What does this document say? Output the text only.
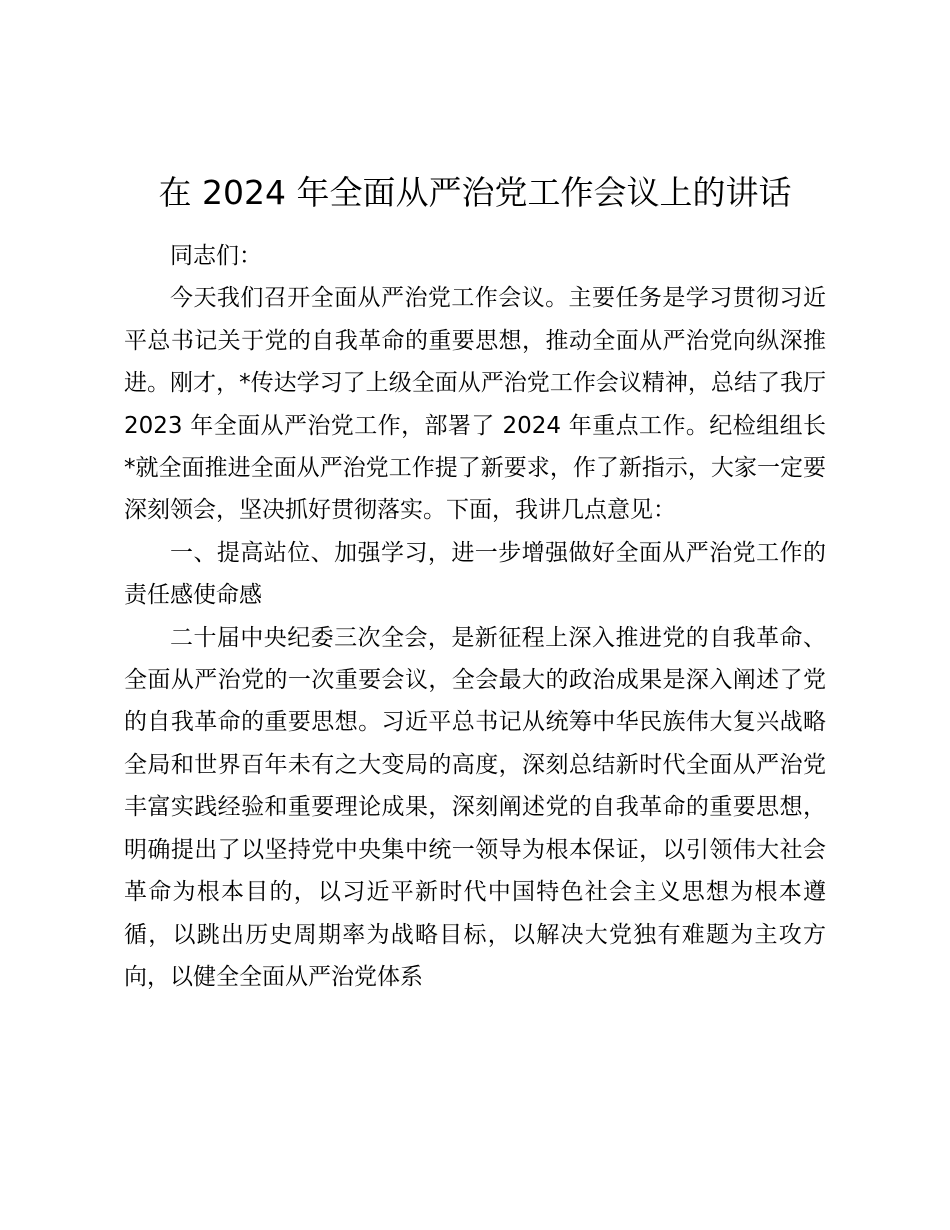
在 2024 年全面从严治党工作会议上的讲话

同志们：

今天我们召开全面从严治党工作会议。主要任务是学习贯彻习近平总书记关于党的自我革命的重要思想，推动全面从严治党向纵深推进。刚才，*传达学习了上级全面从严治党工作会议精神，总结了我厅 2023 年全面从严治党工作，部署了 2024 年重点工作。纪检组组长*就全面推进全面从严治党工作提了新要求，作了新指示，大家一定要深刻领会，坚决抓好贯彻落实。下面，我讲几点意见：

一、提高站位、加强学习，进一步增强做好全面从严治党工作的责任感使命感

二十届中央纪委三次全会，是新征程上深入推进党的自我革命、全面从严治党的一次重要会议，全会最大的政治成果是深入阐述了党的自我革命的重要思想。习近平总书记从统筹中华民族伟大复兴战略全局和世界百年未有之大变局的高度，深刻总结新时代全面从严治党丰富实践经验和重要理论成果，深刻阐述党的自我革命的重要思想，明确提出了以坚持党中央集中统一领导为根本保证，以引领伟大社会革命为根本目的，以习近平新时代中国特色社会主义思想为根本遵循，以跳出历史周期率为战略目标，以解决大党独有难题为主攻方向，以健全全面从严治党体系
